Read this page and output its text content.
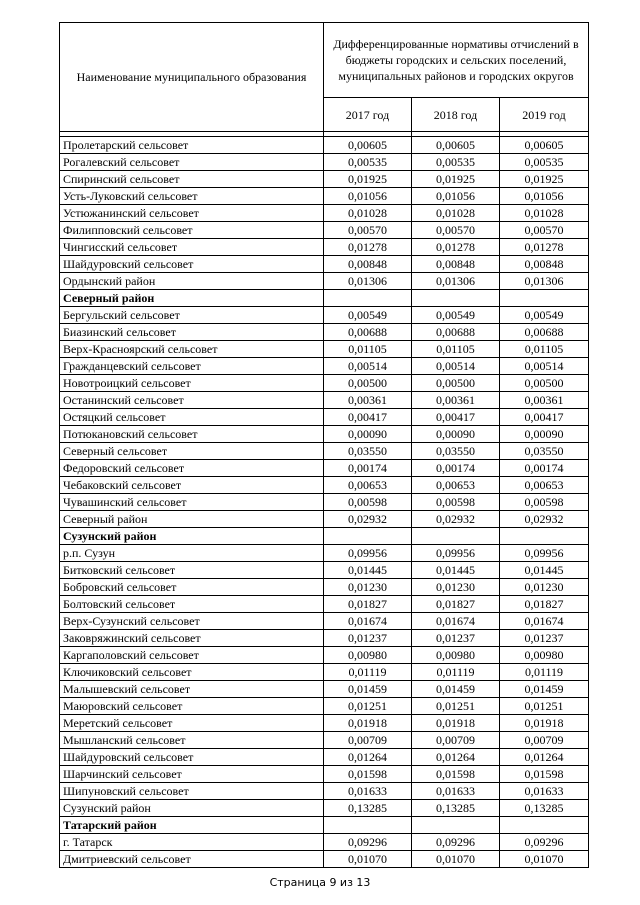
Наименование муниципального образования	Дифференцированные нормативы отчислений в бюджеты городских и сельских поселений, муниципальных районов и городских округов		
	2017 год	2018 год	2019 год

Пролетарский сельсовет	0,00605	0,00605	0,00605
Рогалевский сельсовет	0,00535	0,00535	0,00535
Спиринский сельсовет	0,01925	0,01925	0,01925
Усть-Луковский сельсовет	0,01056	0,01056	0,01056
Устюжанинский сельсовет	0,01028	0,01028	0,01028
Филипповский сельсовет	0,00570	0,00570	0,00570
Чингисский сельсовет	0,01278	0,01278	0,01278
Шайдуровский сельсовет	0,00848	0,00848	0,00848
Ордынский район	0,01306	0,01306	0,01306
Северный район			
Бергульский сельсовет	0,00549	0,00549	0,00549
Биазинский сельсовет	0,00688	0,00688	0,00688
Верх-Красноярский сельсовет	0,01105	0,01105	0,01105
Гражданцевский сельсовет	0,00514	0,00514	0,00514
Новотроицкий сельсовет	0,00500	0,00500	0,00500
Останинский сельсовет	0,00361	0,00361	0,00361
Остяцкий сельсовет	0,00417	0,00417	0,00417
Потюкановский сельсовет	0,00090	0,00090	0,00090
Северный сельсовет	0,03550	0,03550	0,03550
Федоровский сельсовет	0,00174	0,00174	0,00174
Чебаковский сельсовет	0,00653	0,00653	0,00653
Чувашинский сельсовет	0,00598	0,00598	0,00598
Северный район	0,02932	0,02932	0,02932
Сузунский район			
р.п. Сузун	0,09956	0,09956	0,09956
Битковский сельсовет	0,01445	0,01445	0,01445
Бобровский сельсовет	0,01230	0,01230	0,01230
Болтовский сельсовет	0,01827	0,01827	0,01827
Верх-Сузунский сельсовет	0,01674	0,01674	0,01674
Заковряжинский сельсовет	0,01237	0,01237	0,01237
Каргаполовский сельсовет	0,00980	0,00980	0,00980
Ключиковский сельсовет	0,01119	0,01119	0,01119
Малышевский сельсовет	0,01459	0,01459	0,01459
Маюровский сельсовет	0,01251	0,01251	0,01251
Меретский сельсовет	0,01918	0,01918	0,01918
Мышланский сельсовет	0,00709	0,00709	0,00709
Шайдуровский сельсовет	0,01264	0,01264	0,01264
Шарчинский сельсовет	0,01598	0,01598	0,01598
Шипуновский сельсовет	0,01633	0,01633	0,01633
Сузунский район	0,13285	0,13285	0,13285
Татарский район			
г. Татарск	0,09296	0,09296	0,09296
Дмитриевский сельсовет	0,01070	0,01070	0,01070
Страница 9 из 13
